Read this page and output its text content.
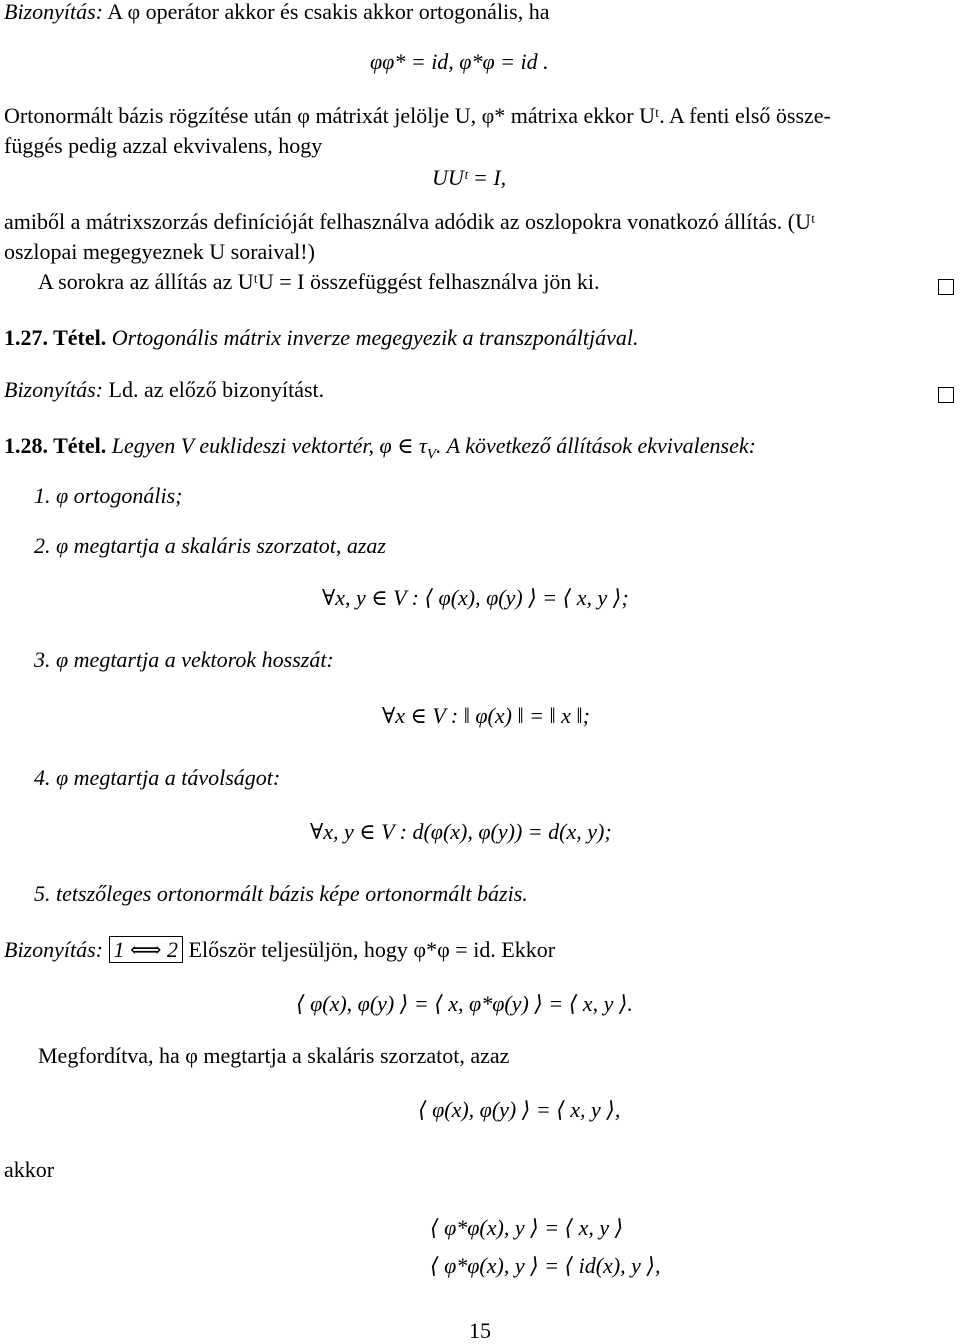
Bizonyítás: A φ operátor akkor és csakis akkor ortogonális, ha
φφ* = id, φ*φ = id .
Ortonormált bázis rögzítése után φ mátrixát jelölje U, φ* mátrixa ekkor Uᵗ. A fenti első össze-
függés pedig azzal ekvivalens, hogy
UUᵗ = I,
amiből a mátrixszorzás definícióját felhasználva adódik az oszlopokra vonatkozó állítás. (Uᵗ
oszlopai megegyeznek U soraival!)
A sorokra az állítás az UᵗU = I összefüggést felhasználva jön ki.
1.27. Tétel. Ortogonális mátrix inverze megegyezik a transzponáltjával.
Bizonyítás: Ld. az előző bizonyítást.
1.28. Tétel. Legyen V euklideszi vektortér, φ ∈ $\tau_V$. A következő állítások ekvivalensek:
1. φ ortogonális;
2. φ megtartja a skaláris szorzatot, azaz
∀x, y ∈ V : ⟨ φ(x), φ(y) ⟩ = ⟨ x, y ⟩;
3. φ megtartja a vektorok hosszát:
∀x ∈ V : ‖ φ(x) ‖ = ‖ x ‖;
4. φ megtartja a távolságot:
∀x, y ∈ V : d(φ(x), φ(y)) = d(x, y);
5. tetszőleges ortonormált bázis képe ortonormált bázis.
Bizonyítás: 1 ⟺ 2 Először teljesüljön, hogy φ*φ = id. Ekkor
⟨ φ(x), φ(y) ⟩ = ⟨ x, φ*φ(y) ⟩ = ⟨ x, y ⟩.
Megfordítva, ha φ megtartja a skaláris szorzatot, azaz
⟨ φ(x), φ(y) ⟩ = ⟨ x, y ⟩,
akkor
⟨ φ*φ(x), y ⟩ = ⟨ x, y ⟩
⟨ φ*φ(x), y ⟩ = ⟨ id(x), y ⟩,
15
